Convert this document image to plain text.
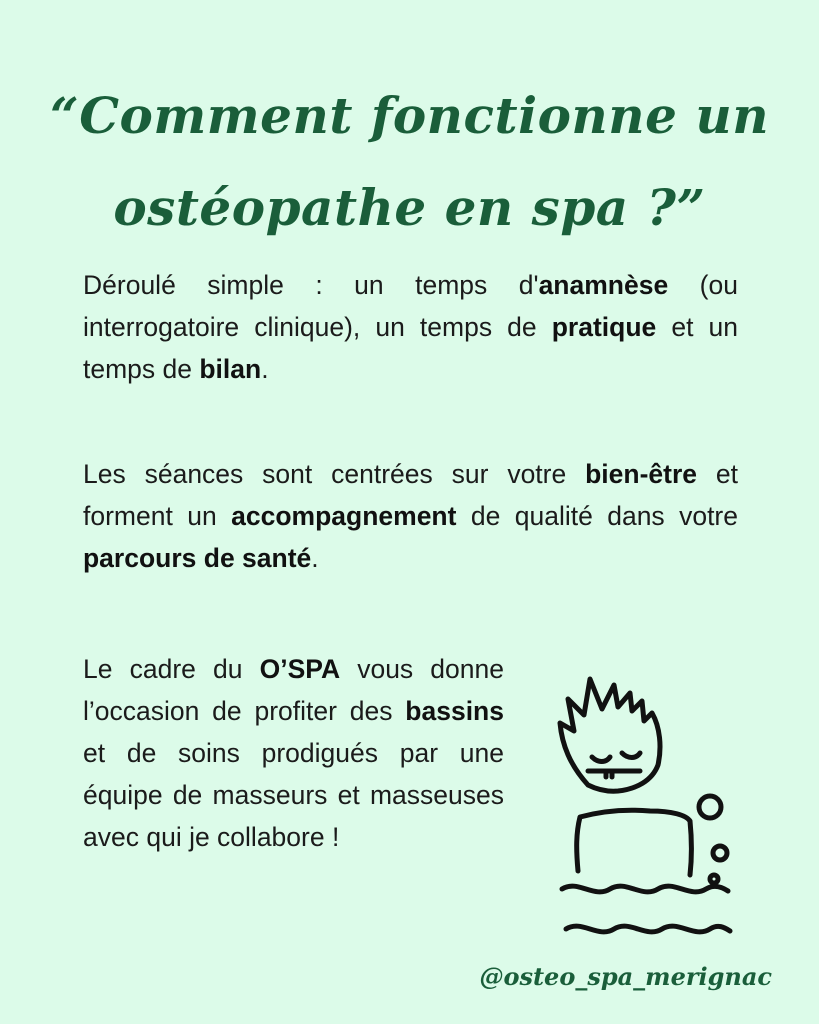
“Comment fonctionne un
ostéopathe en spa ?”

Déroulé simple : un temps d'anamnèse (ou interrogatoire clinique), un temps de pratique et un temps de bilan.

Les séances sont centrées sur votre bien-être et forment un accompagnement de qualité dans votre parcours de santé.

Le cadre du O’SPA vous donne l’occasion de profiter des bassins et de soins prodigués par une équipe de masseurs et masseuses avec qui je collabore !

@osteo_spa_merignac
